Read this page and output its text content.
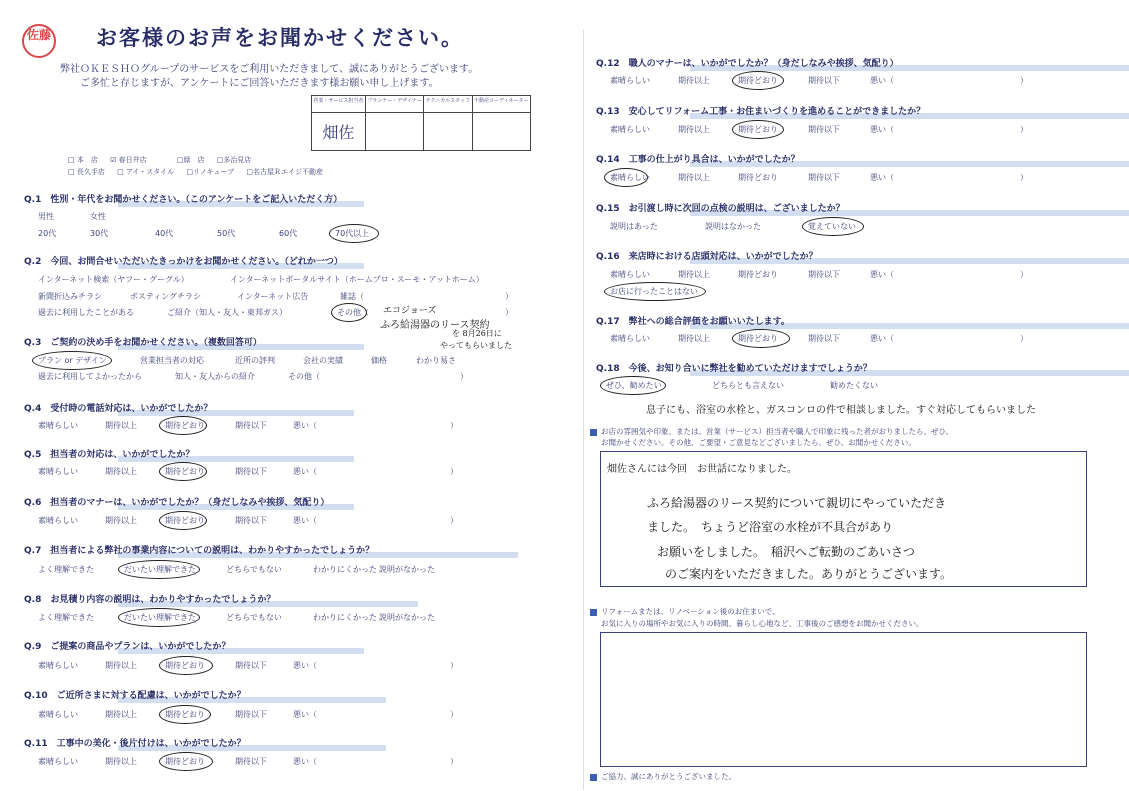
佐藤 お客様のお声をお聞かせください。
弊社ＯＫＥＳＨＯグループのサービスをご利用いただきまして、誠にありがとうございます。
ご多忙と存じますが、アンケートにご回答いただきます様お願い申し上げます。
営業・サービス担当者	プランナー・デザイナー	テクニカルスタッフ	不動産コーディネーター
畑佐			
□ 本　店 ☑ 春日井店	□緑　店 □多治見店
□ 長久手店 □ アイ・スタイル □リノキューブ □名古屋Ｒエイジ不動産
Q.1　性別・年代をお聞かせください。（このアンケートをご記入いただく方）
男性	女性
20代	30代	40代	50代	60代	70代以上
Q.2　今回、お問合せいただいたきっかけをお聞かせください。（どれか一つ）
インターネット検索（ヤフー・グーグル）	インターネットポータルサイト（ホームプロ・スーモ・アットホーム）
新聞折込みチラシ	ポスティングチラシ	インターネット広告	雑誌（	）
過去に利用したことがある	ご紹介（知人・友人・東邦ガス）	その他（	）
Q.3　ご契約の決め手をお聞かせください。（複数回答可）
プラン or デザイン	営業担当者の対応	近所の評判	会社の実績	価格	わかり易さ
過去に利用してよかったから	知人・友人からの紹介	その他（	）
Q.4　受付時の電話対応は、いかがでしたか？
素晴らしい	期待以上	期待どおり	期待以下	悪い（	）
Q.5　担当者の対応は、いかがでしたか？
素晴らしい	期待以上	期待どおり	期待以下	悪い（	）
Q.6　担当者のマナーは、いかがでしたか？（身だしなみや挨拶、気配り）
素晴らしい	期待以上	期待どおり	期待以下	悪い（	）
Q.7　担当者による弊社の事業内容についての説明は、わかりやすかったでしょうか？
よく理解できた	だいたい理解できた	どちらでもない	わかりにくかった 説明がなかった
Q.8　お見積り内容の説明は、わかりやすかったでしょうか？
よく理解できた	だいたい理解できた	どちらでもない	わかりにくかった 説明がなかった
Q.9　ご提案の商品やプランは、いかがでしたか？
素晴らしい	期待以上	期待どおり	期待以下	悪い（	）
Q.10　ご近所さまに対する配慮は、いかがでしたか？
素晴らしい	期待以上	期待どおり	期待以下	悪い（	）
Q.11　工事中の美化・後片付けは、いかがでしたか？
素晴らしい	期待以上	期待どおり	期待以下	悪い（	）
Q.12　職人のマナーは、いかがでしたか？（身だしなみや挨拶、気配り）
素晴らしい	期待以上	期待どおり	期待以下	悪い（	）
Q.13　安心してリフォーム工事・お住まいづくりを進めることができましたか？
素晴らしい	期待以上	期待どおり	期待以下	悪い（	）
Q.14　工事の仕上がり具合は、いかがでしたか？
素晴らしい	期待以上	期待どおり	期待以下	悪い（	）
Q.15　お引渡し時に次回の点検の説明は、ございましたか？
説明はあった	説明はなかった	覚えていない
Q.16　来店時における店頭対応は、いかがでしたか？
素晴らしい	期待以上	期待どおり	期待以下	悪い（	）
お店に行ったことはない
Q.17　弊社への総合評価をお願いいたします。
素晴らしい	期待以上	期待どおり	期待以下	悪い（	）
Q.18　今後、お知り合いに弊社を勧めていただけますでしょうか？
ぜひ、勧めたい	どちらとも言えない	勧めたくない
エコジョーズ
ふろ給湯器のリース契約
を 8月26日に
やってもらいました
息子にも、浴室の水栓と、ガスコンロの件で相談しました。すぐ対応してもらいました
お店の雰囲気や印象、または、営業（サービス）担当者や職人で印象に残った者がおりましたら、ぜひ、
お聞かせください。その他、ご要望・ご意見などございましたら、ぜひ、お聞かせください。
畑佐さんには今回　お世話になりました。
ふろ給湯器のリース契約について親切にやっていただき
ました。　ちょうど浴室の水栓が不具合があり
お願いをしました。　稲沢へご転勤のごあいさつ
のご案内をいただきました。ありがとうございます。
リフォームまたは、リノベーション後のお住まいで、
お気に入りの場所やお気に入りの時間、暮らし心地など、工事後のご感想をお聞かせください。
ご協力、誠にありがとうございました。
